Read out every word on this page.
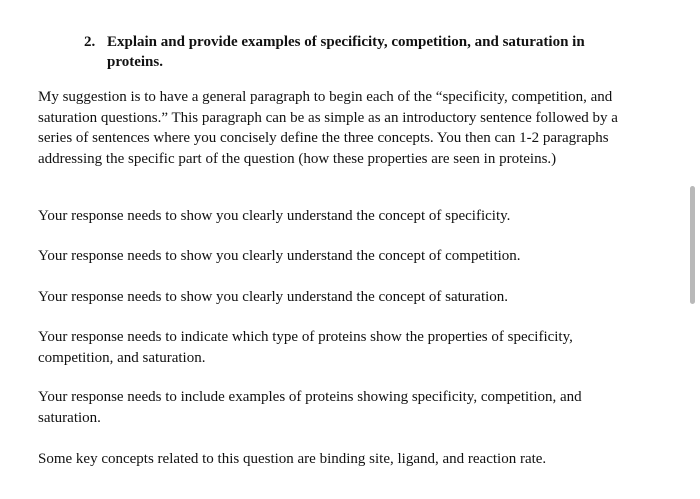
2. Explain and provide examples of specificity, competition, and saturation in proteins.

My suggestion is to have a general paragraph to begin each of the “specificity, competition, and saturation questions.” This paragraph can be as simple as an introductory sentence followed by a series of sentences where you concisely define the three concepts. You then can 1-2 paragraphs addressing the specific part of the question (how these properties are seen in proteins.)

Your response needs to show you clearly understand the concept of specificity.

Your response needs to show you clearly understand the concept of competition.

Your response needs to show you clearly understand the concept of saturation.

Your response needs to indicate which type of proteins show the properties of specificity, competition, and saturation.

Your response needs to include examples of proteins showing specificity, competition, and saturation.

Some key concepts related to this question are binding site, ligand, and reaction rate.
